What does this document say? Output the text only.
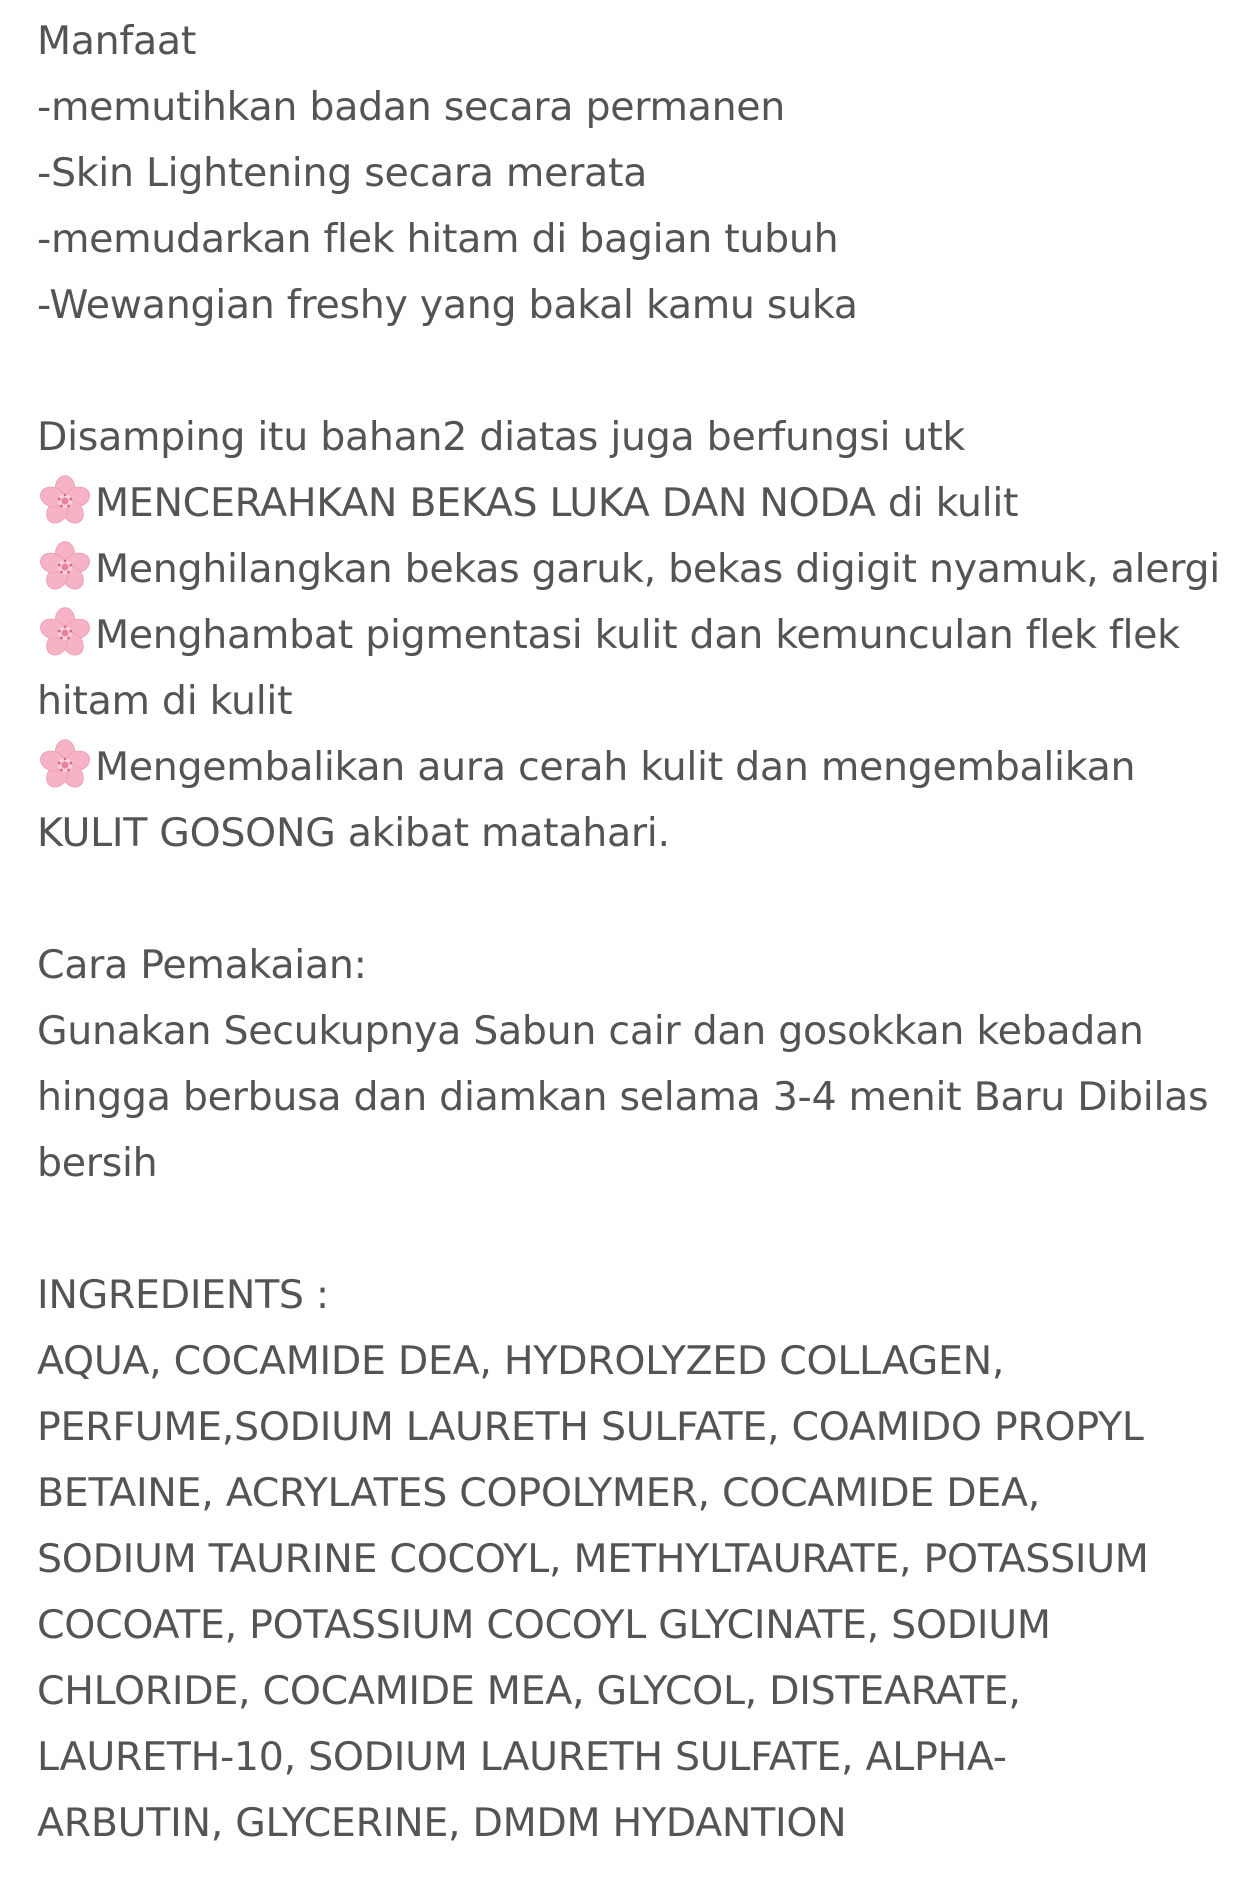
Manfaat
-memutihkan badan secara permanen
-Skin Lightening secara merata
-memudarkan flek hitam di bagian tubuh
-Wewangian freshy yang bakal kamu suka
Disamping itu bahan2 diatas juga berfungsi utk
MENCERAHKAN BEKAS LUKA DAN NODA di kulit
Menghilangkan bekas garuk, bekas digigit nyamuk, alergi
Menghambat pigmentasi kulit dan kemunculan flek flek
hitam di kulit
Mengembalikan aura cerah kulit dan mengembalikan
KULIT GOSONG akibat matahari.
Cara Pemakaian:
Gunakan Secukupnya Sabun cair dan gosokkan kebadan
hingga berbusa dan diamkan selama 3-4 menit Baru Dibilas
bersih
INGREDIENTS :
AQUA, COCAMIDE DEA, HYDROLYZED COLLAGEN,
PERFUME,SODIUM LAURETH SULFATE, COAMIDO PROPYL
BETAINE, ACRYLATES COPOLYMER, COCAMIDE DEA,
SODIUM TAURINE COCOYL, METHYLTAURATE, POTASSIUM
COCOATE, POTASSIUM COCOYL GLYCINATE, SODIUM
CHLORIDE, COCAMIDE MEA, GLYCOL, DISTEARATE,
LAURETH-10, SODIUM LAURETH SULFATE, ALPHA-
ARBUTIN, GLYCERINE, DMDM HYDANTION
